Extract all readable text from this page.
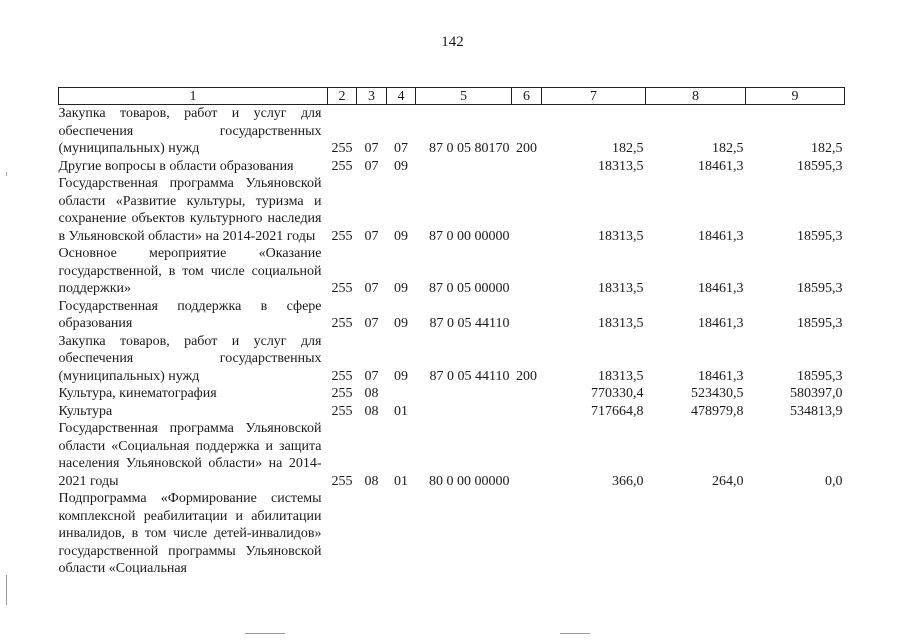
142
1	2	3	4	5	6	7	8	9
Закупка товаров, работ и услуг для обеспечения государственных (муниципальных) нужд	255	07	07	87 0 05 80170	200	182,5	182,5	182,5
Другие вопросы в области образования	255	07	09			18313,5	18461,3	18595,3
Государственная программа Ульяновской области «Развитие культуры, туризма и сохранение объектов культурного наследия в Ульяновской области» на 2014-2021 годы	255	07	09	87 0 00 00000		18313,5	18461,3	18595,3
Основное мероприятие «Оказание государственной, в том числе социальной поддержки»	255	07	09	87 0 05 00000		18313,5	18461,3	18595,3
Государственная поддержка в сфере образования	255	07	09	87 0 05 44110		18313,5	18461,3	18595,3
Закупка товаров, работ и услуг для обеспечения государственных (муниципальных) нужд	255	07	09	87 0 05 44110	200	18313,5	18461,3	18595,3
Культура, кинематография	255	08				770330,4	523430,5	580397,0
Культура	255	08	01			717664,8	478979,8	534813,9
Государственная программа Ульяновской области «Социальная поддержка и защита населения Ульяновской области» на 2014-2021 годы	255	08	01	80 0 00 00000		366,0	264,0	0,0
Подпрограмма «Формирование системы комплексной реабилитации и абилитации инвалидов, в том числе детей-инвалидов» государственной программы Ульяновской области «Социальная								
